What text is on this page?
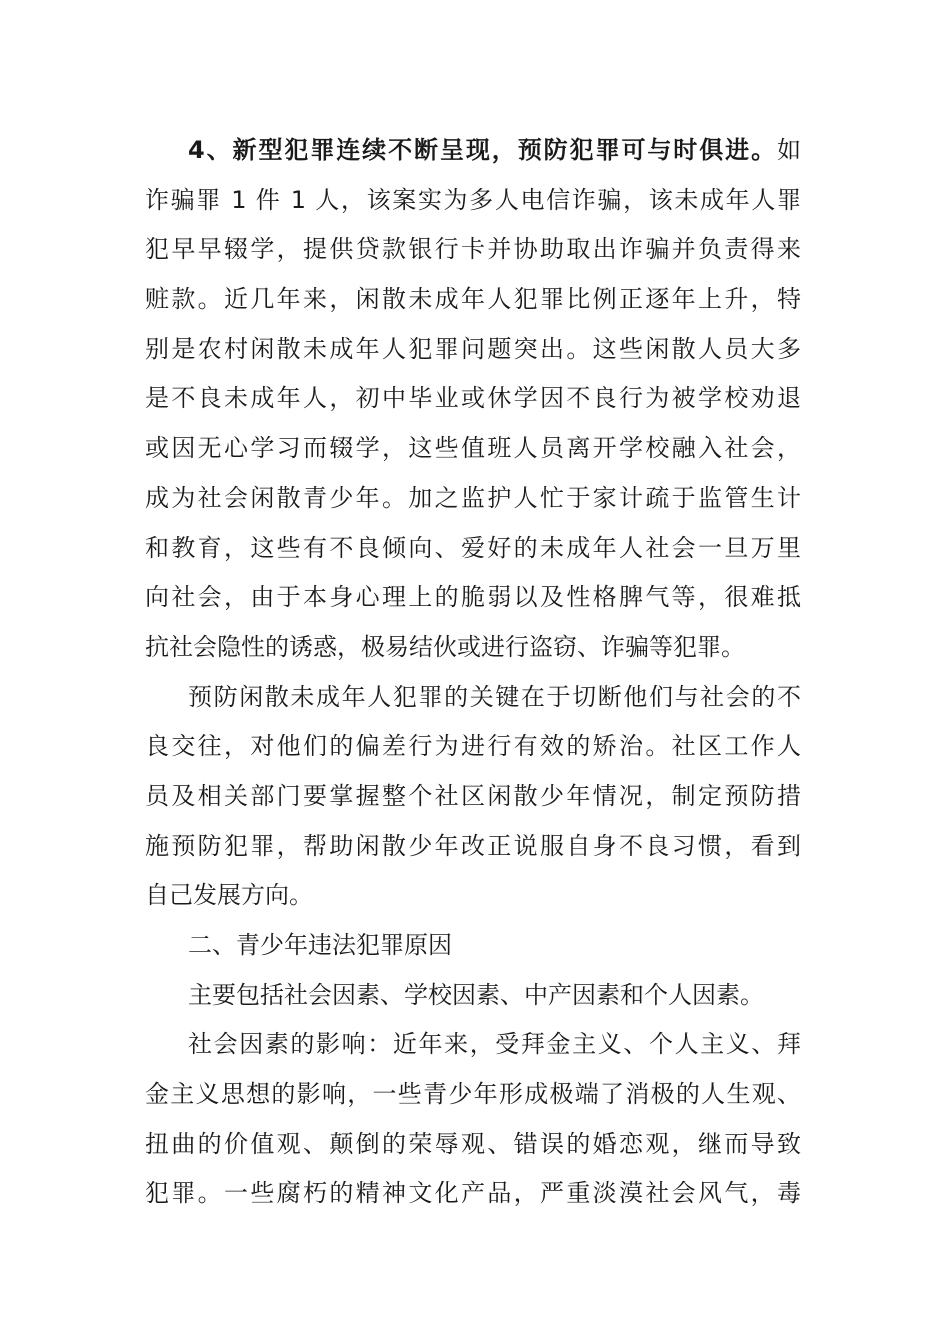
4、新型犯罪连续不断呈现，预防犯罪可与时俱进。如
诈骗罪 1 件 1 人，该案实为多人电信诈骗，该未成年人罪
犯早早辍学，提供贷款银行卡并协助取出诈骗并负责得来
赃款。近几年来，闲散未成年人犯罪比例正逐年上升，特
别是农村闲散未成年人犯罪问题突出。这些闲散人员大多
是不良未成年人，初中毕业或休学因不良行为被学校劝退
或因无心学习而辍学，这些值班人员离开学校融入社会，
成为社会闲散青少年。加之监护人忙于家计疏于监管生计
和教育，这些有不良倾向、爱好的未成年人社会一旦万里
向社会，由于本身心理上的脆弱以及性格脾气等，很难抵
抗社会隐性的诱惑，极易结伙或进行盗窃、诈骗等犯罪。
预防闲散未成年人犯罪的关键在于切断他们与社会的不
良交往，对他们的偏差行为进行有效的矫治。社区工作人
员及相关部门要掌握整个社区闲散少年情况，制定预防措
施预防犯罪，帮助闲散少年改正说服自身不良习惯，看到
自己发展方向。
二、青少年违法犯罪原因
主要包括社会因素、学校因素、中产因素和个人因素。
社会因素的影响：近年来，受拜金主义、个人主义、拜
金主义思想的影响，一些青少年形成极端了消极的人生观、
扭曲的价值观、颠倒的荣辱观、错误的婚恋观，继而导致
犯罪。一些腐朽的精神文化产品，严重淡漠社会风气，毒
